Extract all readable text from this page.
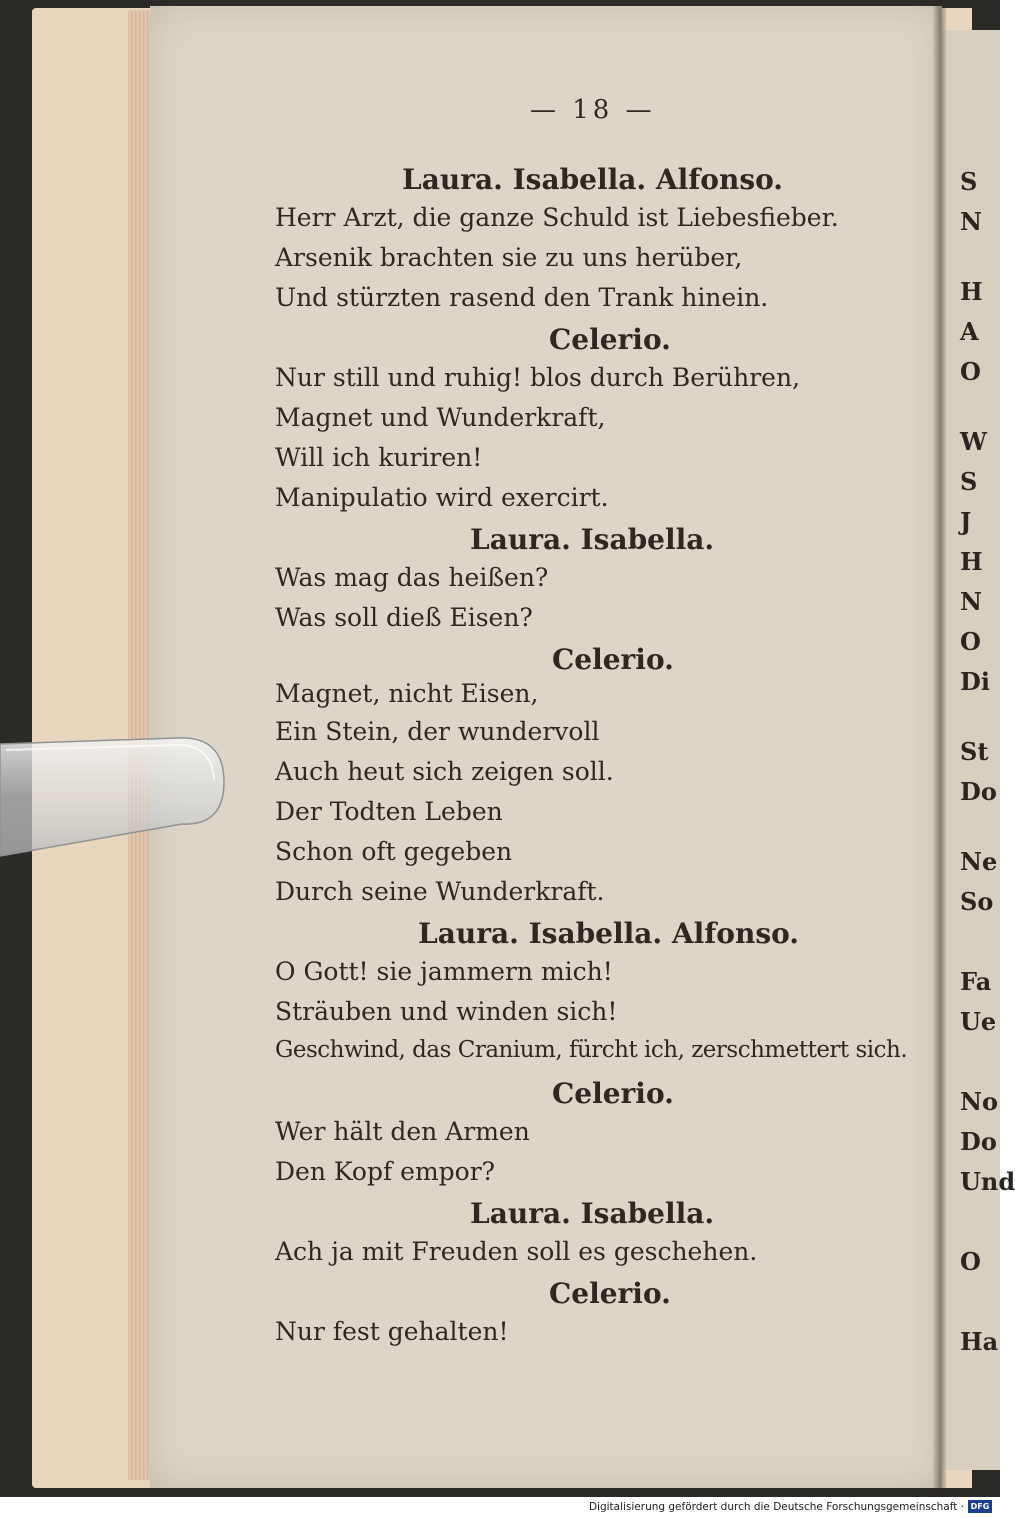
S
N
H
A
O
W
S
J
H
N
O
Di
St
Do
Ne
So
Fa
Ue
No
Do
Und
O
Ha
— 18 —
Laura. Isabella. Alfonso.
Herr Arzt, die ganze Schuld ist Liebesfieber.
Arsenik brachten sie zu uns herüber,
Und stürzten rasend den Trank hinein.
Celerio.
Nur still und ruhig! blos durch Berühren,
Magnet und Wunderkraft,
Will ich kuriren!
Manipulatio wird exercirt.
Laura. Isabella.
Was mag das heißen?
Was soll dieß Eisen?
Celerio.
Magnet, nicht Eisen,
Ein Stein, der wundervoll
Auch heut sich zeigen soll.
Der Todten Leben
Schon oft gegeben
Durch seine Wunderkraft.
Laura. Isabella. Alfonso.
O Gott! sie jammern mich!
Sträuben und winden sich!
Geschwind, das Cranium, fürcht ich, zerschmettert sich.
Celerio.
Wer hält den Armen
Den Kopf empor?
Laura. Isabella.
Ach ja mit Freuden soll es geschehen.
Celerio.
Nur fest gehalten!
Digitalisierung gefördert durch die Deutsche Forschungsgemeinschaft · DFG
